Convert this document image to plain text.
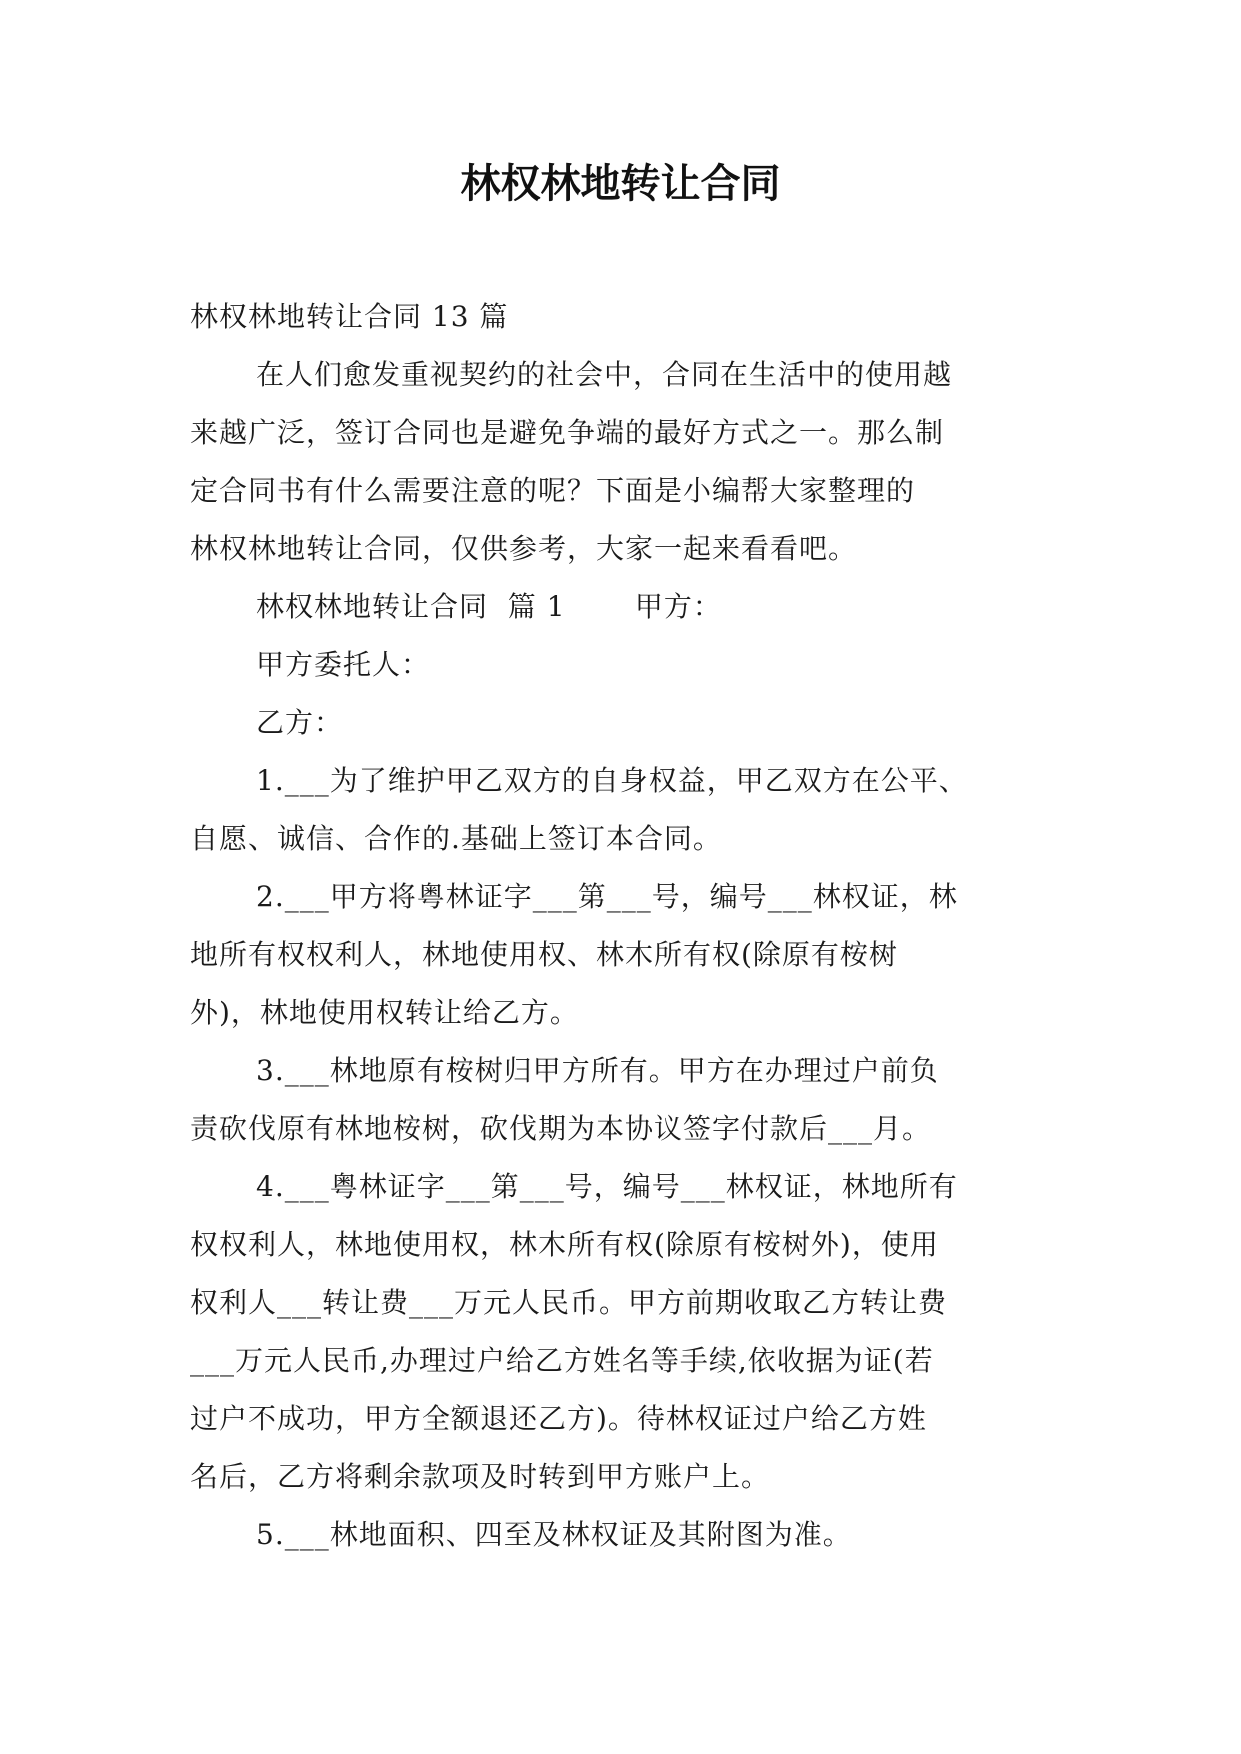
林权林地转让合同

林权林地转让合同 13 篇

在人们愈发重视契约的社会中，合同在生活中的使用越
来越广泛，签订合同也是避免争端的最好方式之一。那么制
定合同书有什么需要注意的呢？下面是小编帮大家整理的
林权林地转让合同，仅供参考，大家一起来看看吧。

林权林地转让合同  篇 1       甲方：

甲方委托人：

乙方：

1.___为了维护甲乙双方的自身权益，甲乙双方在公平、
自愿、诚信、合作的.基础上签订本合同。

2.___甲方将粤林证字___第___号，编号___林权证，林
地所有权权利人，林地使用权、林木所有权(除原有桉树
外)，林地使用权转让给乙方。

3.___林地原有桉树归甲方所有。甲方在办理过户前负
责砍伐原有林地桉树，砍伐期为本协议签字付款后___月。

4.___粤林证字___第___号，编号___林权证，林地所有
权权利人，林地使用权，林木所有权(除原有桉树外)，使用
权利人___转让费___万元人民币。甲方前期收取乙方转让费
___万元人民币,办理过户给乙方姓名等手续,依收据为证(若
过户不成功，甲方全额退还乙方)。待林权证过户给乙方姓
名后，乙方将剩余款项及时转到甲方账户上。

5.___林地面积、四至及林权证及其附图为准。
